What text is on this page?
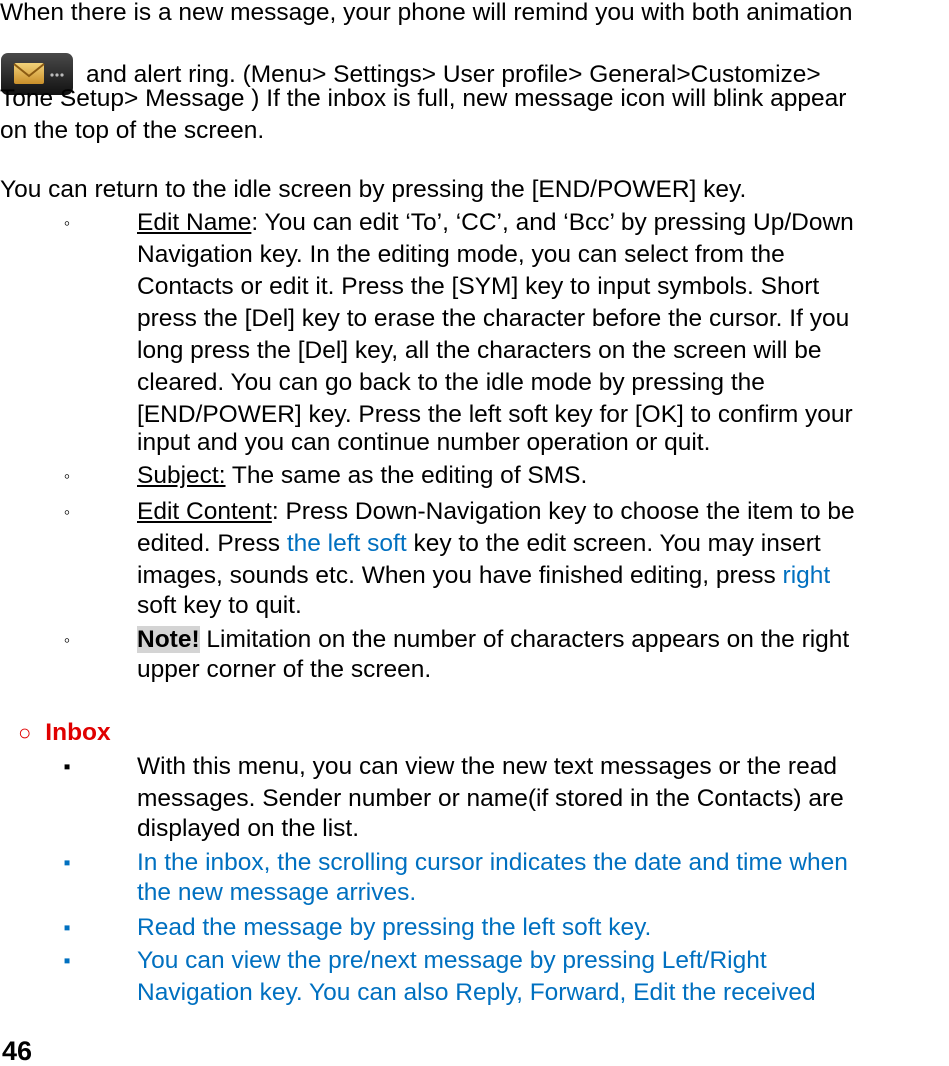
When there is a new message, your phone will remind you with both animation
and alert ring. (Menu> Settings> User profile> General>Customize>
Tone Setup> Message ) If the inbox is full, new message icon will blink appear
on the top of the screen.
You can return to the idle screen by pressing the [END/POWER] key.
◦	Edit Name: You can edit ‘To’, ‘CC’, and ‘Bcc’ by pressing Up/Down
Navigation key. In the editing mode, you can select from the
Contacts or edit it. Press the [SYM] key to input symbols. Short
press the [Del] key to erase the character before the cursor. If you
long press the [Del] key, all the characters on the screen will be
cleared. You can go back to the idle mode by pressing the
[END/POWER] key. Press the left soft key for [OK] to confirm your
input and you can continue number operation or quit.
◦	Subject: The same as the editing of SMS.
◦	Edit Content: Press Down-Navigation key to choose the item to be
edited. Press the left soft key to the edit screen. You may insert
images, sounds etc. When you have finished editing, press right
soft key to quit.
◦	Note! Limitation on the number of characters appears on the right
upper corner of the screen.
○ Inbox
▪	With this menu, you can view the new text messages or the read
messages. Sender number or name(if stored in the Contacts) are
displayed on the list.
▪	In the inbox, the scrolling cursor indicates the date and time when
the new message arrives.
▪	Read the message by pressing the left soft key.
▪	You can view the pre/next message by pressing Left/Right
Navigation key. You can also Reply, Forward, Edit the received
46
